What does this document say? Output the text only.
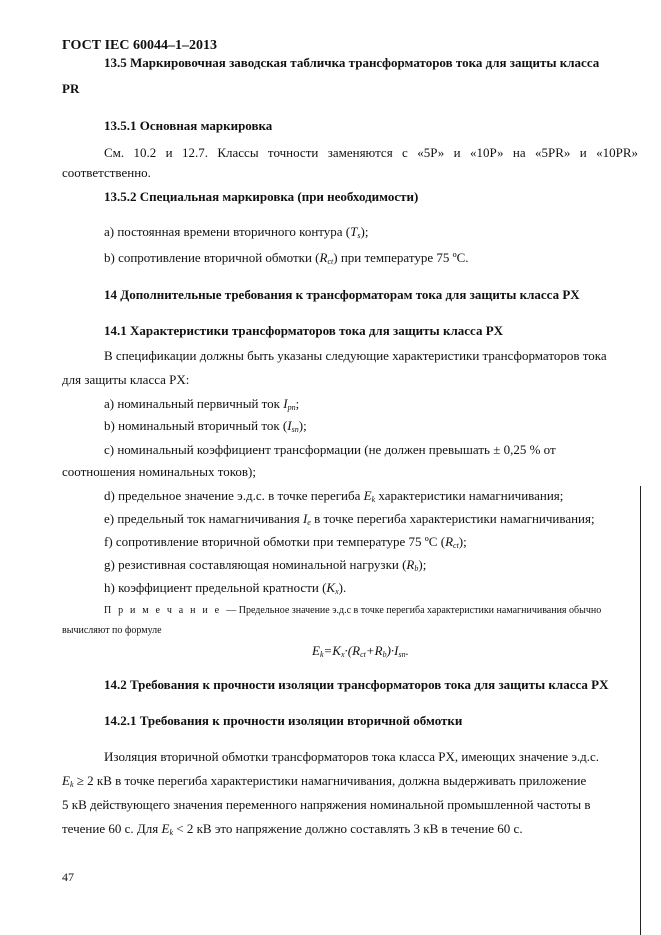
ГОСТ IEC 60044–1–2013
13.5 Маркировочная заводская табличка трансформаторов тока для защиты класса
PR
13.5.1 Основная маркировка
См. 10.2 и 12.7. Классы точности заменяются с «5Р» и «10Р» на «5PR» и «10PR»
соответственно.
13.5.2 Специальная маркировка (при необходимости)
а) постоянная времени вторичного контура $(T_s)$;
b) сопротивление вторичной обмотки $(R_{ct})$ при температуре 75 ºC.
14 Дополнительные требования к трансформаторам тока для защиты класса PX
14.1 Характеристики трансформаторов тока для защиты класса PX
В спецификации должны быть указаны следующие характеристики трансформаторов тока
для защиты класса PX:
а) номинальный первичный ток $I_{pn}$;
b) номинальный вторичный ток $(I_{sn})$;
c) номинальный коэффициент трансформации (не должен превышать ± 0,25 % от
соотношения номинальных токов);
d) предельное значение э.д.с. в точке перегиба $E_k$ характеристики намагничивания;
e) предельный ток намагничивания $I_e$ в точке перегиба характеристики намагничивания;
f) сопротивление вторичной обмотки при температуре 75 ºC $(R_{ct})$;
g) резистивная составляющая номинальной нагрузки $(R_b)$;
h) коэффициент предельной кратности $(K_x)$.
П р и м е ч а н и е — Предельное значение э.д.с в точке перегиба характеристики намагничивания обычно
вычисляют по формуле
$E_k=K_x\cdot(R_{ct}+R_b)\cdot I_{sn}$.
14.2 Требования к прочности изоляции трансформаторов тока для защиты класса PX
14.2.1 Требования к прочности изоляции вторичной обмотки
Изоляция вторичной обмотки трансформаторов тока класса PX, имеющих значение э.д.с.
$E_k \ge 2$ кВ в точке перегиба характеристики намагничивания, должна выдерживать приложение
5 кВ действующего значения переменного напряжения номинальной промышленной частоты в
течение 60 с. Для $E_k < 2$ кВ это напряжение должно составлять 3 кВ в течение 60 с.
47
